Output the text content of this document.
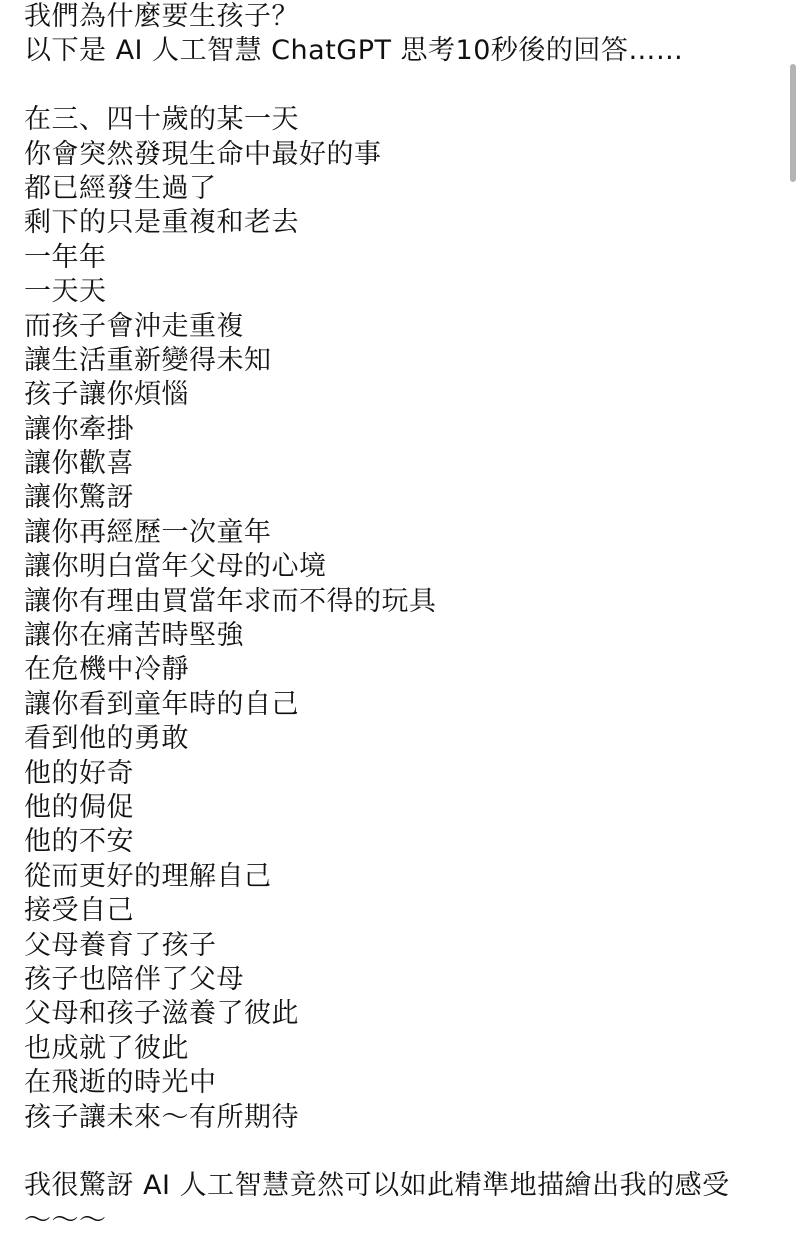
我們為什麼要生孩子？
以下是 AI 人工智慧 ChatGPT 思考10秒後的回答……
在三、四十歲的某一天
你會突然發現生命中最好的事
都已經發生過了
剩下的只是重複和老去
一年年
一天天
而孩子會沖走重複
讓生活重新變得未知
孩子讓你煩惱
讓你牽掛
讓你歡喜
讓你驚訝
讓你再經歷一次童年
讓你明白當年父母的心境
讓你有理由買當年求而不得的玩具
讓你在痛苦時堅強
在危機中冷靜
讓你看到童年時的自己
看到他的勇敢
他的好奇
他的侷促
他的不安
從而更好的理解自己
接受自己
父母養育了孩子
孩子也陪伴了父母
父母和孩子滋養了彼此
也成就了彼此
在飛逝的時光中
孩子讓未來～有所期待
我很驚訝 AI 人工智慧竟然可以如此精準地描繪出我的感受
～～～
